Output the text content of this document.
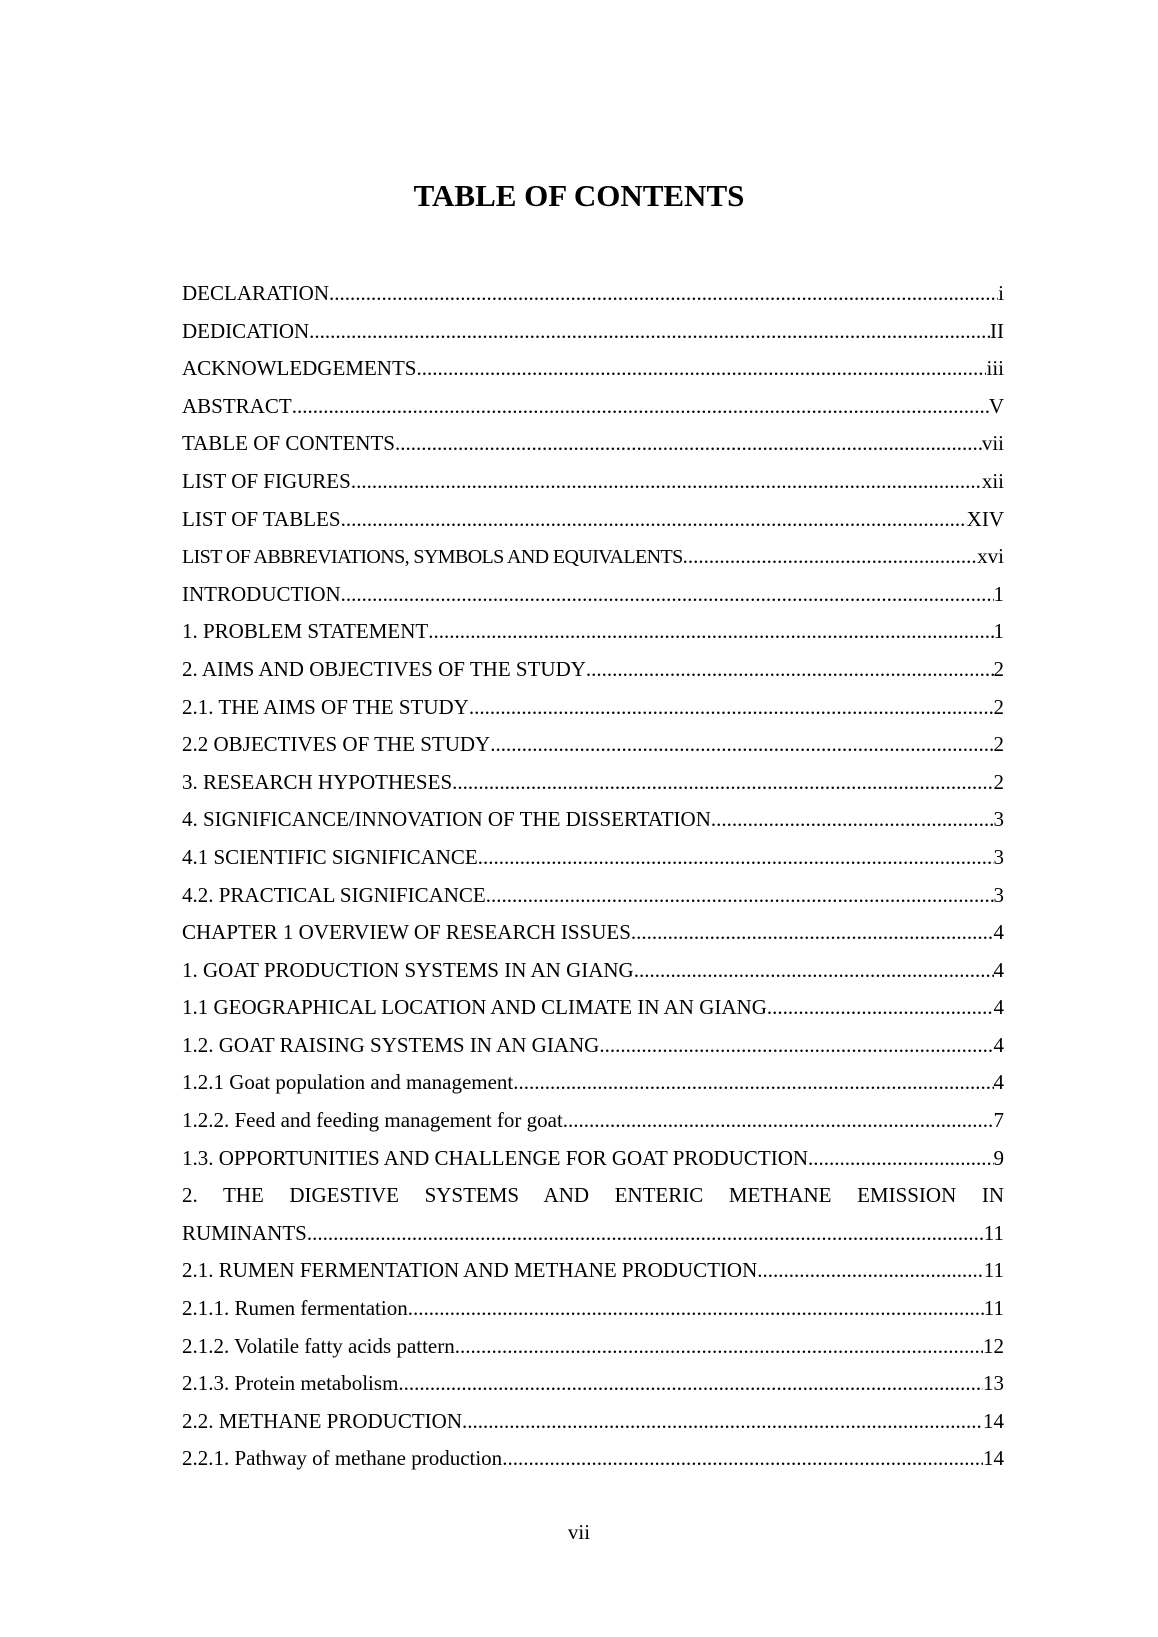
TABLE OF CONTENTS
DECLARATION .....	i
DEDICATION .....	II
ACKNOWLEDGEMENTS .....	iii
ABSTRACT .....	V
TABLE OF CONTENTS .....	vii
LIST OF FIGURES .....	xii
LIST OF TABLES .....	XIV
LIST OF ABBREVIATIONS, SYMBOLS AND EQUIVALENTS .....	xvi
INTRODUCTION .....	1
1. PROBLEM STATEMENT .....	1
2. AIMS AND OBJECTIVES OF THE STUDY .....	2
2.1. THE AIMS OF THE STUDY .....	2
2.2 OBJECTIVES OF THE STUDY .....	2
3. RESEARCH HYPOTHESES .....	2
4. SIGNIFICANCE/INNOVATION OF THE DISSERTATION .....	3
4.1 SCIENTIFIC SIGNIFICANCE .....	3
4.2. PRACTICAL SIGNIFICANCE .....	3
CHAPTER 1 OVERVIEW OF RESEARCH ISSUES .....	4
1. GOAT PRODUCTION SYSTEMS IN AN GIANG .....	4
1.1 GEOGRAPHICAL LOCATION AND CLIMATE IN AN GIANG .....	4
1.2. GOAT RAISING SYSTEMS IN AN GIANG .....	4
1.2.1 Goat population and management .....	4
1.2.2. Feed and feeding management for goat .....	7
1.3. OPPORTUNITIES AND CHALLENGE FOR GOAT PRODUCTION .....	9
2. THE DIGESTIVE SYSTEMS AND ENTERIC METHANE EMISSION IN
RUMINANTS .....	11
2.1. RUMEN FERMENTATION AND METHANE PRODUCTION .....	11
2.1.1. Rumen fermentation .....	11
2.1.2. Volatile fatty acids pattern .....	12
2.1.3. Protein metabolism .....	13
2.2. METHANE PRODUCTION .....	14
2.2.1. Pathway of methane production .....	14
vii
